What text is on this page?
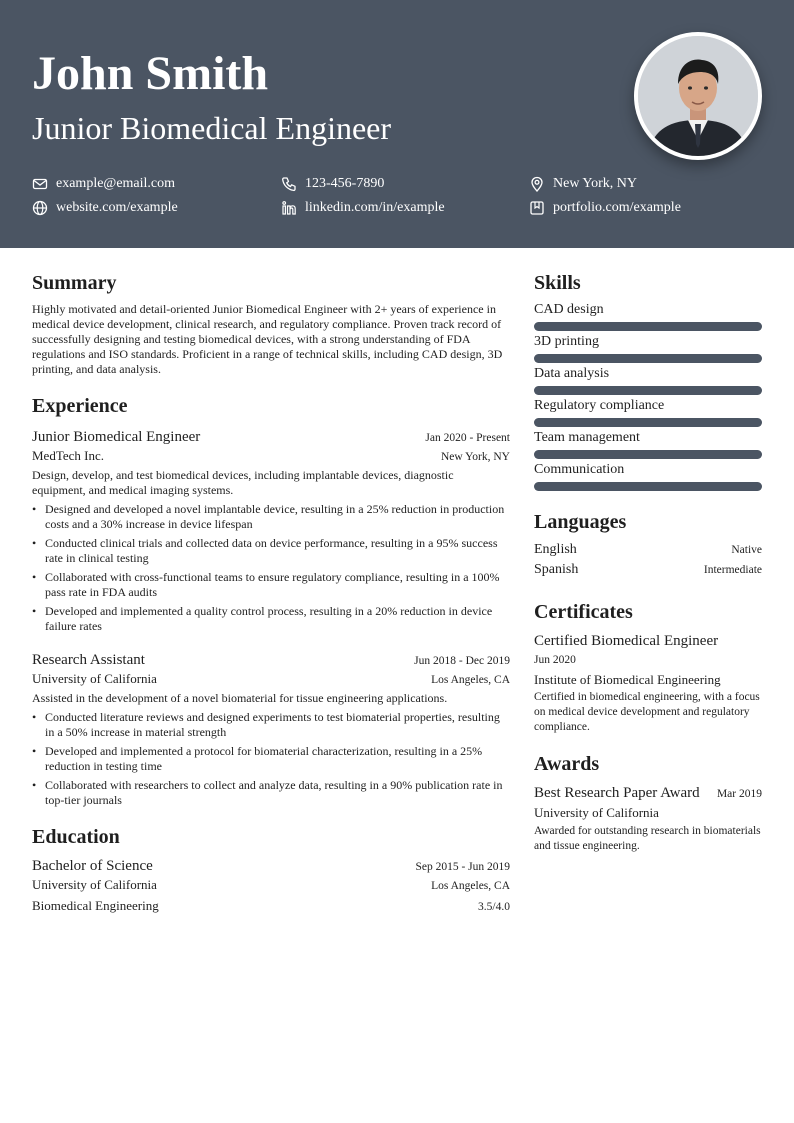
John Smith
Junior Biomedical Engineer
example@email.com	123-456-7890	New York, NY
website.com/example	linkedin.com/in/example	portfolio.com/example
Summary

Highly motivated and detail-oriented Junior Biomedical Engineer with 2+ years of experience in medical device development, clinical research, and regulatory compliance. Proven track record of successfully designing and testing biomedical devices, with a strong understanding of FDA regulations and ISO standards. Proficient in a range of technical skills, including CAD design, 3D printing, and data analysis.

Experience
Junior Biomedical Engineer	Jan 2020 - Present
MedTech Inc.	New York, NY
Design, develop, and test biomedical devices, including implantable devices, diagnostic equipment, and medical imaging systems.
• Designed and developed a novel implantable device, resulting in a 25% reduction in production costs and a 30% increase in device lifespan
• Conducted clinical trials and collected data on device performance, resulting in a 95% success rate in clinical testing
• Collaborated with cross-functional teams to ensure regulatory compliance, resulting in a 100% pass rate in FDA audits
• Developed and implemented a quality control process, resulting in a 20% reduction in device failure rates
Research Assistant	Jun 2018 - Dec 2019
University of California	Los Angeles, CA
Assisted in the development of a novel biomaterial for tissue engineering applications.
• Conducted literature reviews and designed experiments to test biomaterial properties, resulting in a 50% increase in material strength
• Developed and implemented a protocol for biomaterial characterization, resulting in a 25% reduction in testing time
• Collaborated with researchers to collect and analyze data, resulting in a 90% publication rate in top-tier journals
Education
Bachelor of Science	Sep 2015 - Jun 2019
University of California	Los Angeles, CA
Biomedical Engineering	3.5/4.0
Skills
CAD design
3D printing
Data analysis
Regulatory compliance
Team management
Communication
Languages
English	Native
Spanish	Intermediate
Certificates
Certified Biomedical Engineer
Jun 2020
Institute of Biomedical Engineering
Certified in biomedical engineering, with a focus on medical device development and regulatory compliance.
Awards
Best Research Paper Award Mar 2019
University of California
Awarded for outstanding research in biomaterials and tissue engineering.
